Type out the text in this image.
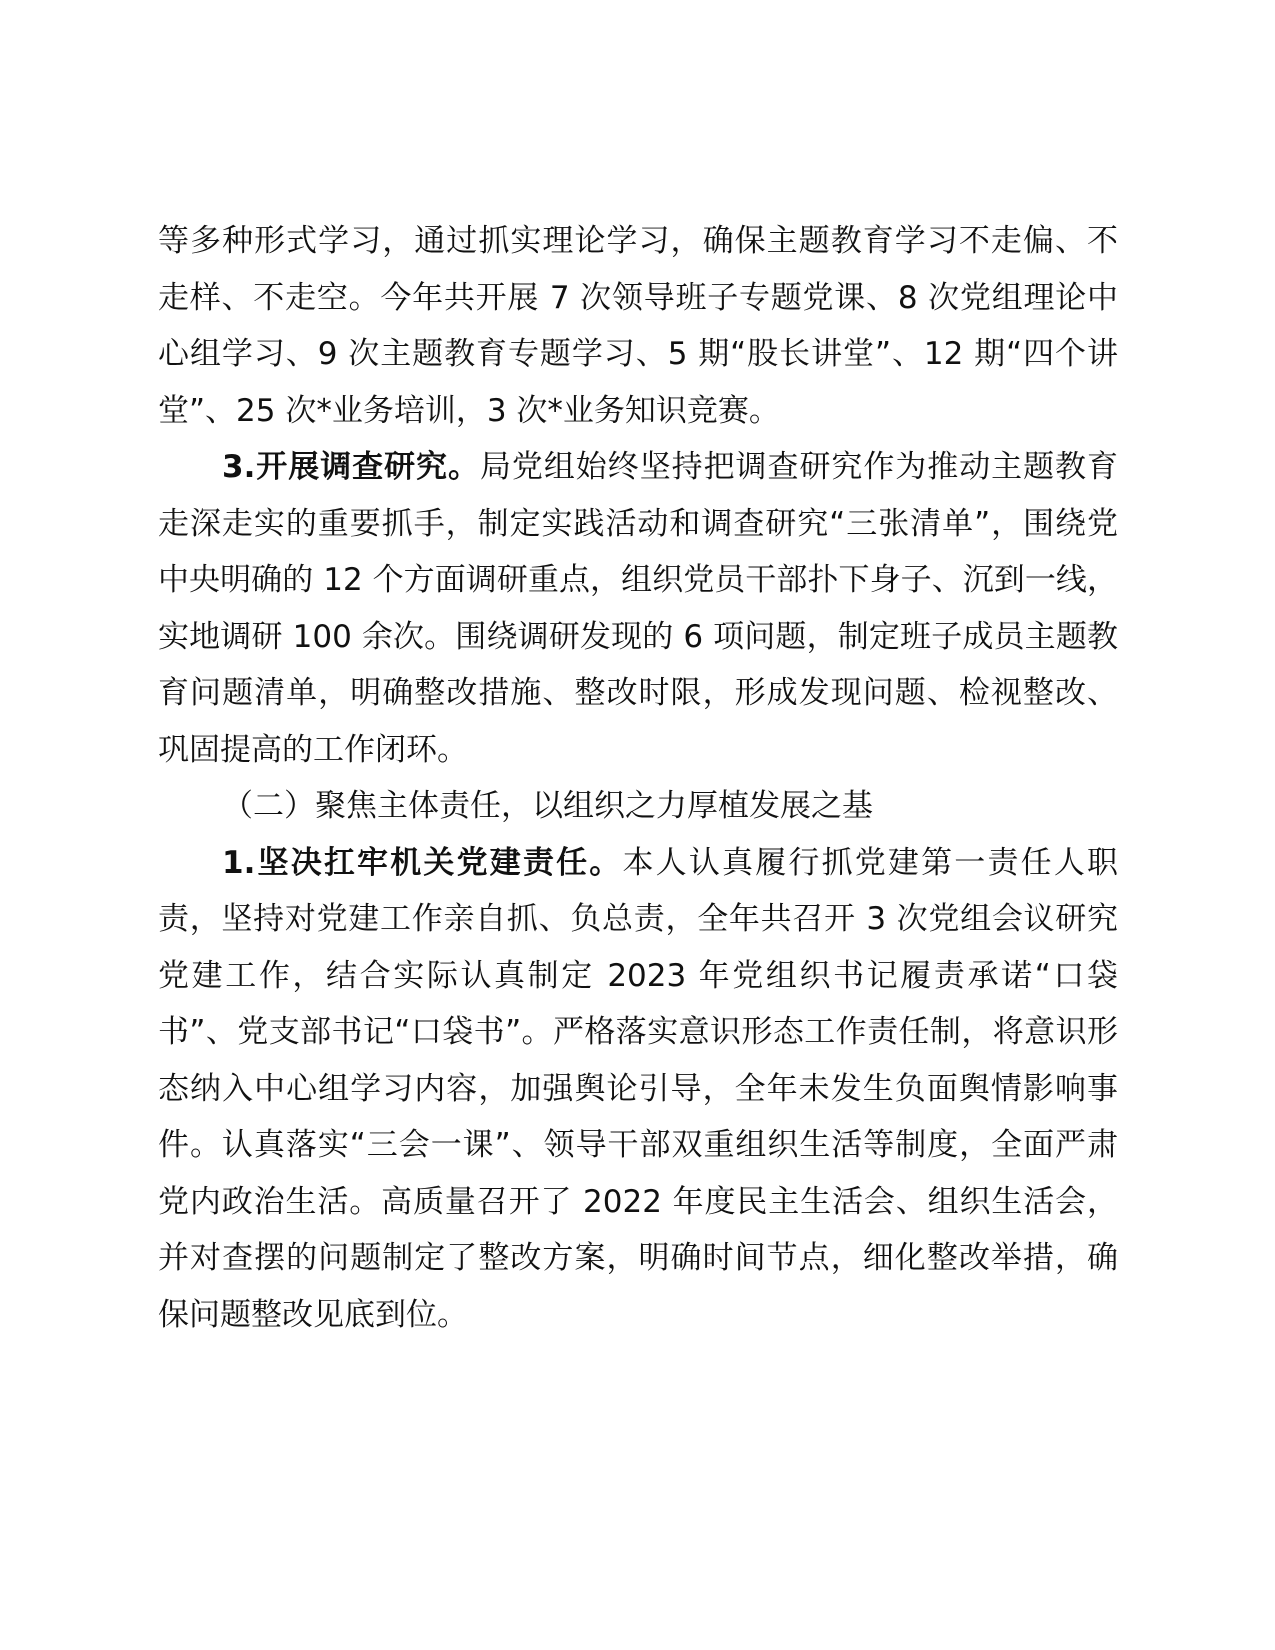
等多种形式学习，通过抓实理论学习，确保主题教育学习不走偏、不走样、不走空。今年共开展 7 次领导班子专题党课、8 次党组理论中心组学习、9 次主题教育专题学习、5 期“股长讲堂”、12 期“四个讲堂”、25 次*业务培训，3 次*业务知识竞赛。

3.开展调查研究。局党组始终坚持把调查研究作为推动主题教育走深走实的重要抓手，制定实践活动和调查研究“三张清单”，围绕党中央明确的 12 个方面调研重点，组织党员干部扑下身子、沉到一线，实地调研 100 余次。围绕调研发现的 6 项问题，制定班子成员主题教育问题清单，明确整改措施、整改时限，形成发现问题、检视整改、巩固提高的工作闭环。

（二）聚焦主体责任，以组织之力厚植发展之基

1.坚决扛牢机关党建责任。本人认真履行抓党建第一责任人职责，坚持对党建工作亲自抓、负总责，全年共召开 3 次党组会议研究党建工作，结合实际认真制定 2023 年党组织书记履责承诺“口袋书”、党支部书记“口袋书”。严格落实意识形态工作责任制，将意识形态纳入中心组学习内容，加强舆论引导，全年未发生负面舆情影响事件。认真落实“三会一课”、领导干部双重组织生活等制度，全面严肃党内政治生活。高质量召开了 2022 年度民主生活会、组织生活会，并对查摆的问题制定了整改方案，明确时间节点，细化整改举措，确保问题整改见底到位。
